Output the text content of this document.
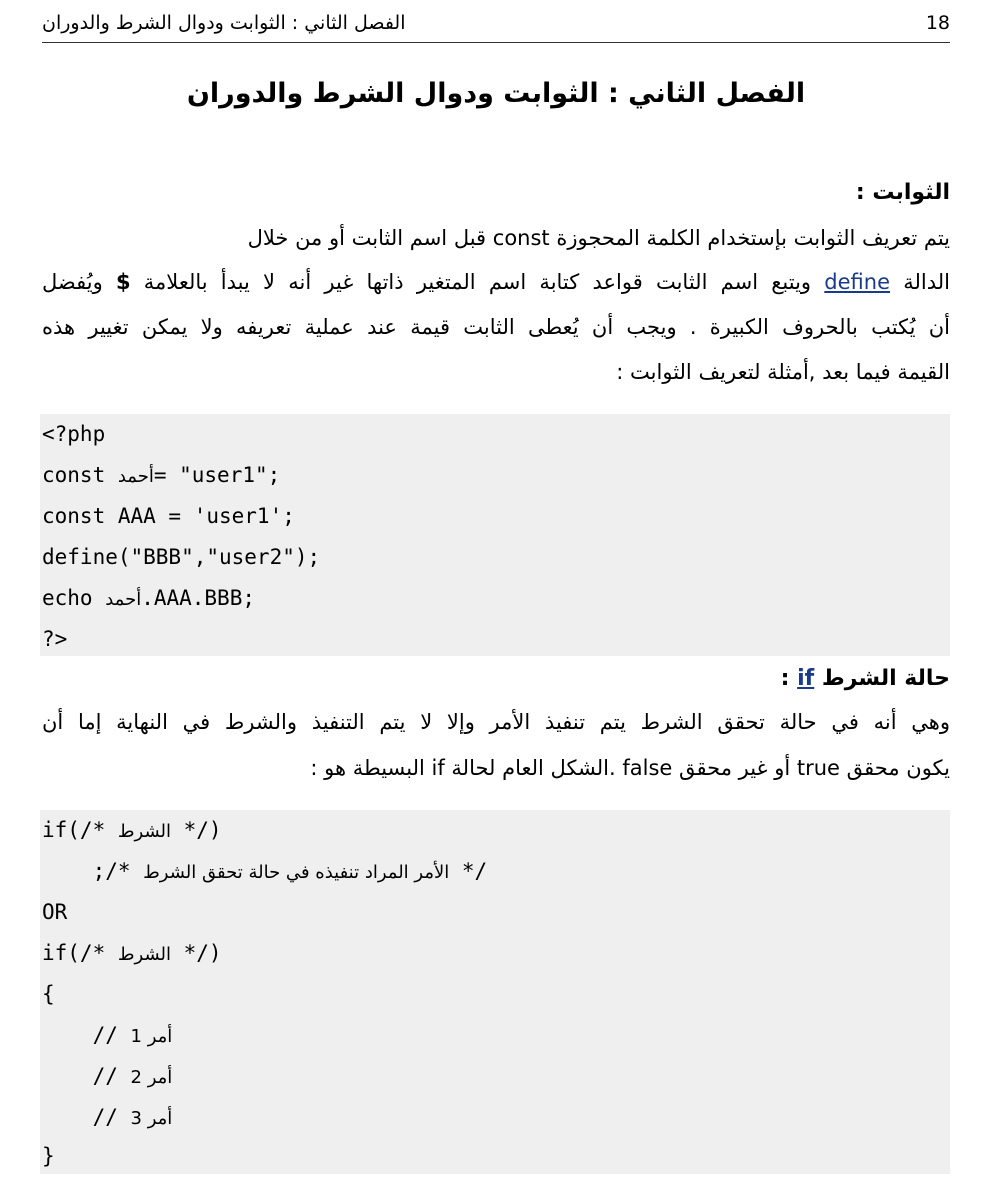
الفصل الثاني : الثوابت ودوال الشرط والدوران	18
الفصل الثاني : الثوابت ودوال الشرط والدوران
الثوابت :
يتم تعريف الثوابت بإستخدام الكلمة المحجوزة const قبل اسم الثابت أو من خلال
الدالة define ويتبع اسم الثابت قواعد كتابة اسم المتغير ذاتها غير أنه لا يبدأ بالعلامة $ ويُفضل
أن يُكتب بالحروف الكبيرة . ويجب أن يُعطى الثابت قيمة عند عملية تعريفه ولا يمكن تغيير هذه
القيمة فيما بعد ,أمثلة لتعريف الثوابت :
<?php
const أحمد= "user1";
const AAA = 'user1';
define("BBB","user2");
echo أحمد.AAA.BBB;
?>
حالة الشرط if :
وهي أنه في حالة تحقق الشرط يتم تنفيذ الأمر وإلا لا يتم التنفيذ والشرط في النهاية إما أن
يكون محقق true أو غير محقق false .الشكل العام لحالة if البسيطة هو :
if(/* الشرط */)
;/* الأمر المراد تنفيذه في حالة تحقق الشرط */
OR
if(/* الشرط */)
{
// أمر 1
// أمر 2
// أمر 3
}
